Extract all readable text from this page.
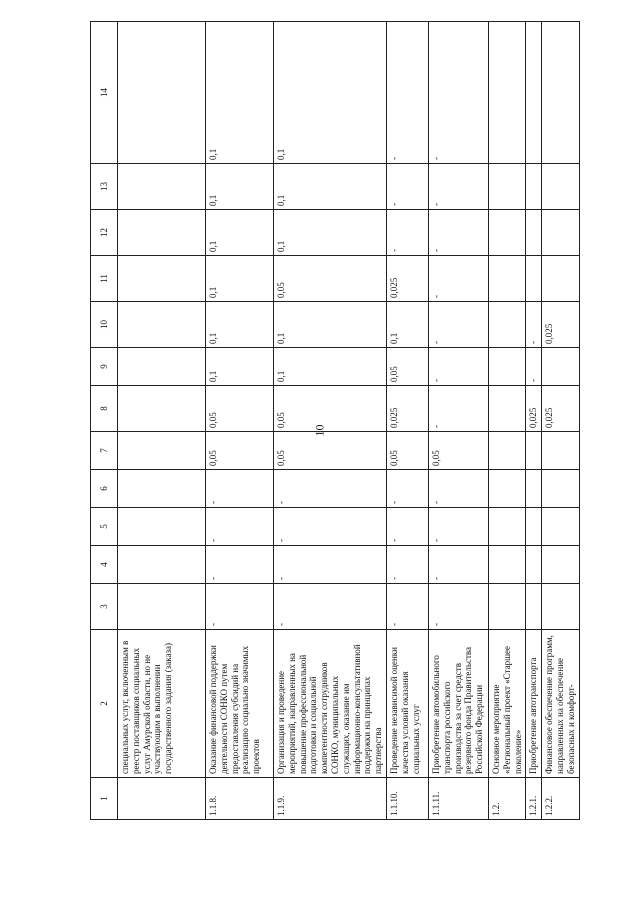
10
1	2	3	4	5	6	7	8	9	10	11	12	13	14
	специальных услуг, включенным в реестр поставщиков социальных услуг Амурской области, но не участвующим в выполнении государственного задания (заказа)												
1.1.8.	Оказание финансовой поддержки деятельности СОНКО путем предоставления субсидий на реализацию социально значимых проектов	-	-	-	-	0,05	0,05	0,1	0,1	0,1	0,1	0,1	0,1
1.1.9.	Организация и проведение мероприятий, направленных на повышение профессиональной подготовки и социальной компетентности сотрудников СОНКО, муниципальных служащих, оказание им информационно-консультативной поддержки на принципах партнерства	-	-	-	-	0,05	0,05	0,1	0,1	0,05	0,1	0,1	0,1
1.1.10.	Проведение независимой оценки качества условий оказания социальных услуг	-	-	-	-	0,05	0,025	0,05	0,1	0,025	-	-	-
1.1.11.	Приобретение автомобильного транспорта российского производства за счет средств резервного фонда Правительства Российской Федерации	-	-	-	-	0,05	-	-	-	-	-	-	-
1.2.	Основное мероприятие «Региональный проект «Старшее поколение»												
1.2.1.	Приобретение автотранспорта						0,025	-	-				
1.2.2.	Финансовое обеспечение программ, направленных на обеспечение безопасных и комфорт-						0,025		0,025				
